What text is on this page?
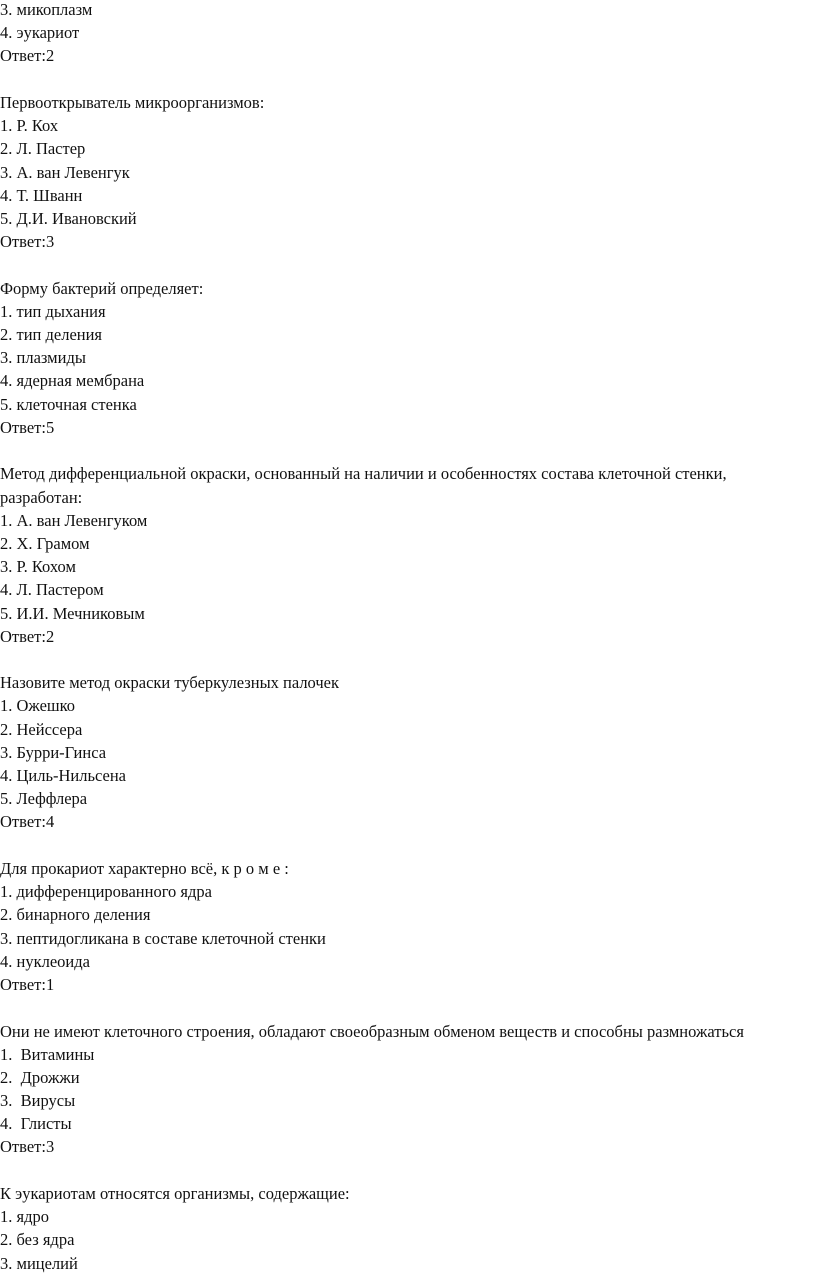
3. микоплазм
4. эукариот
Ответ:2
Первооткрыватель микроорганизмов:
1. Р. Кох
2. Л. Пастер
3. А. ван Левенгук
4. Т. Шванн
5. Д.И. Ивановский
Ответ:3
Форму бактерий определяет:
1. тип дыхания
2. тип деления
3. плазмиды
4. ядерная мембрана
5. клеточная стенка
Ответ:5
Метод дифференциальной окраски, основанный на наличии и особенностях состава клеточной стенки, разработан:
1. А. ван Левенгуком
2. Х. Грамом
3. Р. Кохом
4. Л. Пастером
5. И.И. Мечниковым
Ответ:2
Назовите метод окраски туберкулезных палочек
1. Ожешко
2. Нейссера
3. Бурри-Гинса
4. Циль-Нильсена
5. Леффлера
Ответ:4
Для прокариот характерно всё, к р о м е :
1. дифференцированного ядра
2. бинарного деления
3. пептидогликана в составе клеточной стенки
4. нуклеоида
Ответ:1
Они не имеют клеточного строения, обладают своеобразным обменом веществ и способны размножаться
1.  Витамины
2.  Дрожжи
3.  Вирусы
4.  Глисты
Ответ:3
К эукариотам относятся организмы, содержащие:
1. ядро
2. без ядра
3. мицелий
